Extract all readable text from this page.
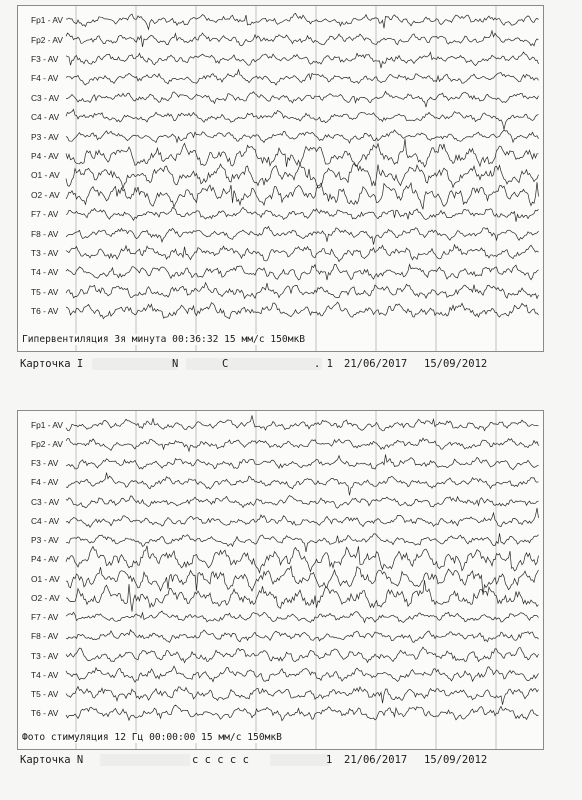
Fp1 - AV
Fp2 - AV
F3 - AV
F4 - AV
C3 - AV
C4 - AV
P3 - AV
P4 - AV
O1 - AV
O2 - AV
F7 - AV
F8 - AV
T3 - AV
T4 - AV
T5 - AV
T6 - AV
Гипервентиляция 3я минута 00:36:32 15 мм/с 150мкВ
Карточка I	N	С	. 1 21/06/2017 15/09/2012
Fp1 - AV
Fp2 - AV
F3 - AV
F4 - AV
C3 - AV
C4 - AV
P3 - AV
P4 - AV
O1 - AV
O2 - AV
F7 - AV
F8 - AV
T3 - AV
T4 - AV
T5 - AV
T6 - AV
Фото стимуляция 12 Гц 00:00:00 15 мм/с 150мкВ
Карточка N	с с с с с	1 21/06/2017 15/09/2012
